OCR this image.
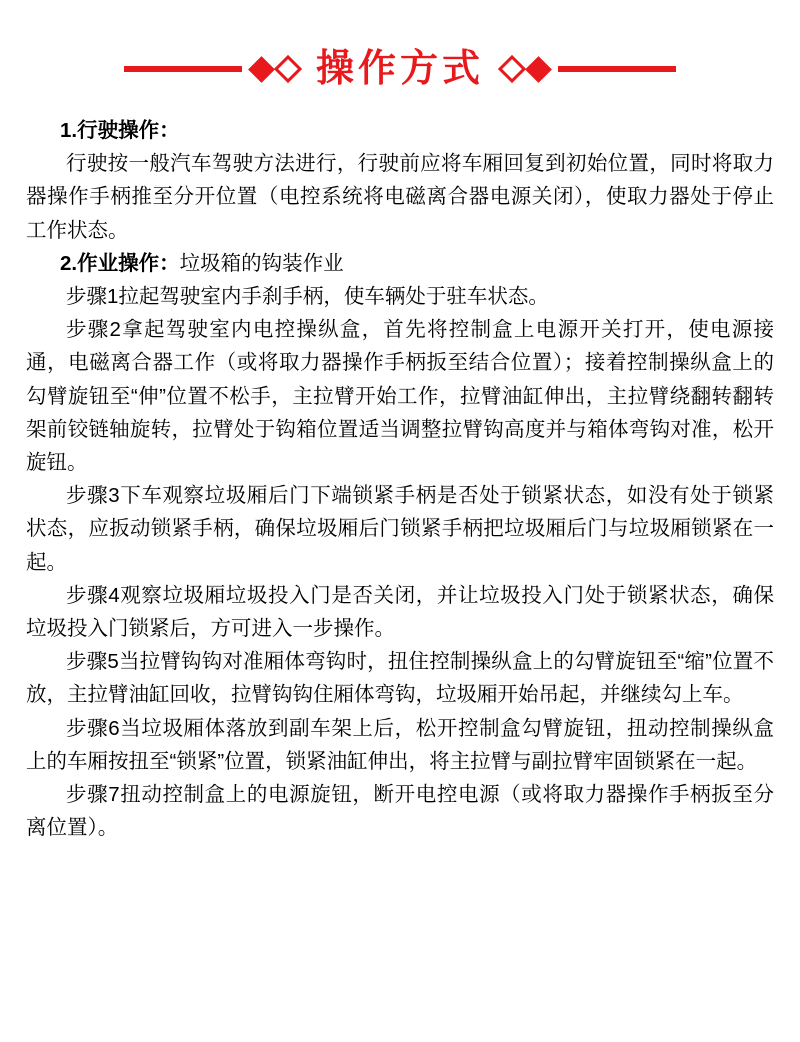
操作方式

1.行驶操作：

行驶按一般汽车驾驶方法进行，行驶前应将车厢回复到初始位置，同时将取力器操作手柄推至分开位置（电控系统将电磁离合器电源关闭），使取力器处于停止工作状态。

2.作业操作：垃圾箱的钩装作业

步骤1拉起驾驶室内手刹手柄，使车辆处于驻车状态。

步骤2拿起驾驶室内电控操纵盒，首先将控制盒上电源开关打开，使电源接通，电磁离合器工作（或将取力器操作手柄扳至结合位置）；接着控制操纵盒上的勾臂旋钮至“伸”位置不松手，主拉臂开始工作，拉臂油缸伸出，主拉臂绕翻转翻转架前铰链轴旋转，拉臂处于钩箱位置适当调整拉臂钩高度并与箱体弯钩对准，松开旋钮。

步骤3下车观察垃圾厢后门下端锁紧手柄是否处于锁紧状态，如没有处于锁紧状态，应扳动锁紧手柄，确保垃圾厢后门锁紧手柄把垃圾厢后门与垃圾厢锁紧在一起。

步骤4观察垃圾厢垃圾投入门是否关闭，并让垃圾投入门处于锁紧状态，确保垃圾投入门锁紧后，方可进入一步操作。

步骤5当拉臂钩钩对准厢体弯钩时，扭住控制操纵盒上的勾臂旋钮至“缩”位置不放，主拉臂油缸回收，拉臂钩钩住厢体弯钩，垃圾厢开始吊起，并继续勾上车。

步骤6当垃圾厢体落放到副车架上后，松开控制盒勾臂旋钮，扭动控制操纵盒上的车厢按扭至“锁紧”位置，锁紧油缸伸出，将主拉臂与副拉臂牢固锁紧在一起。

步骤7扭动控制盒上的电源旋钮，断开电控电源（或将取力器操作手柄扳至分离位置）。
